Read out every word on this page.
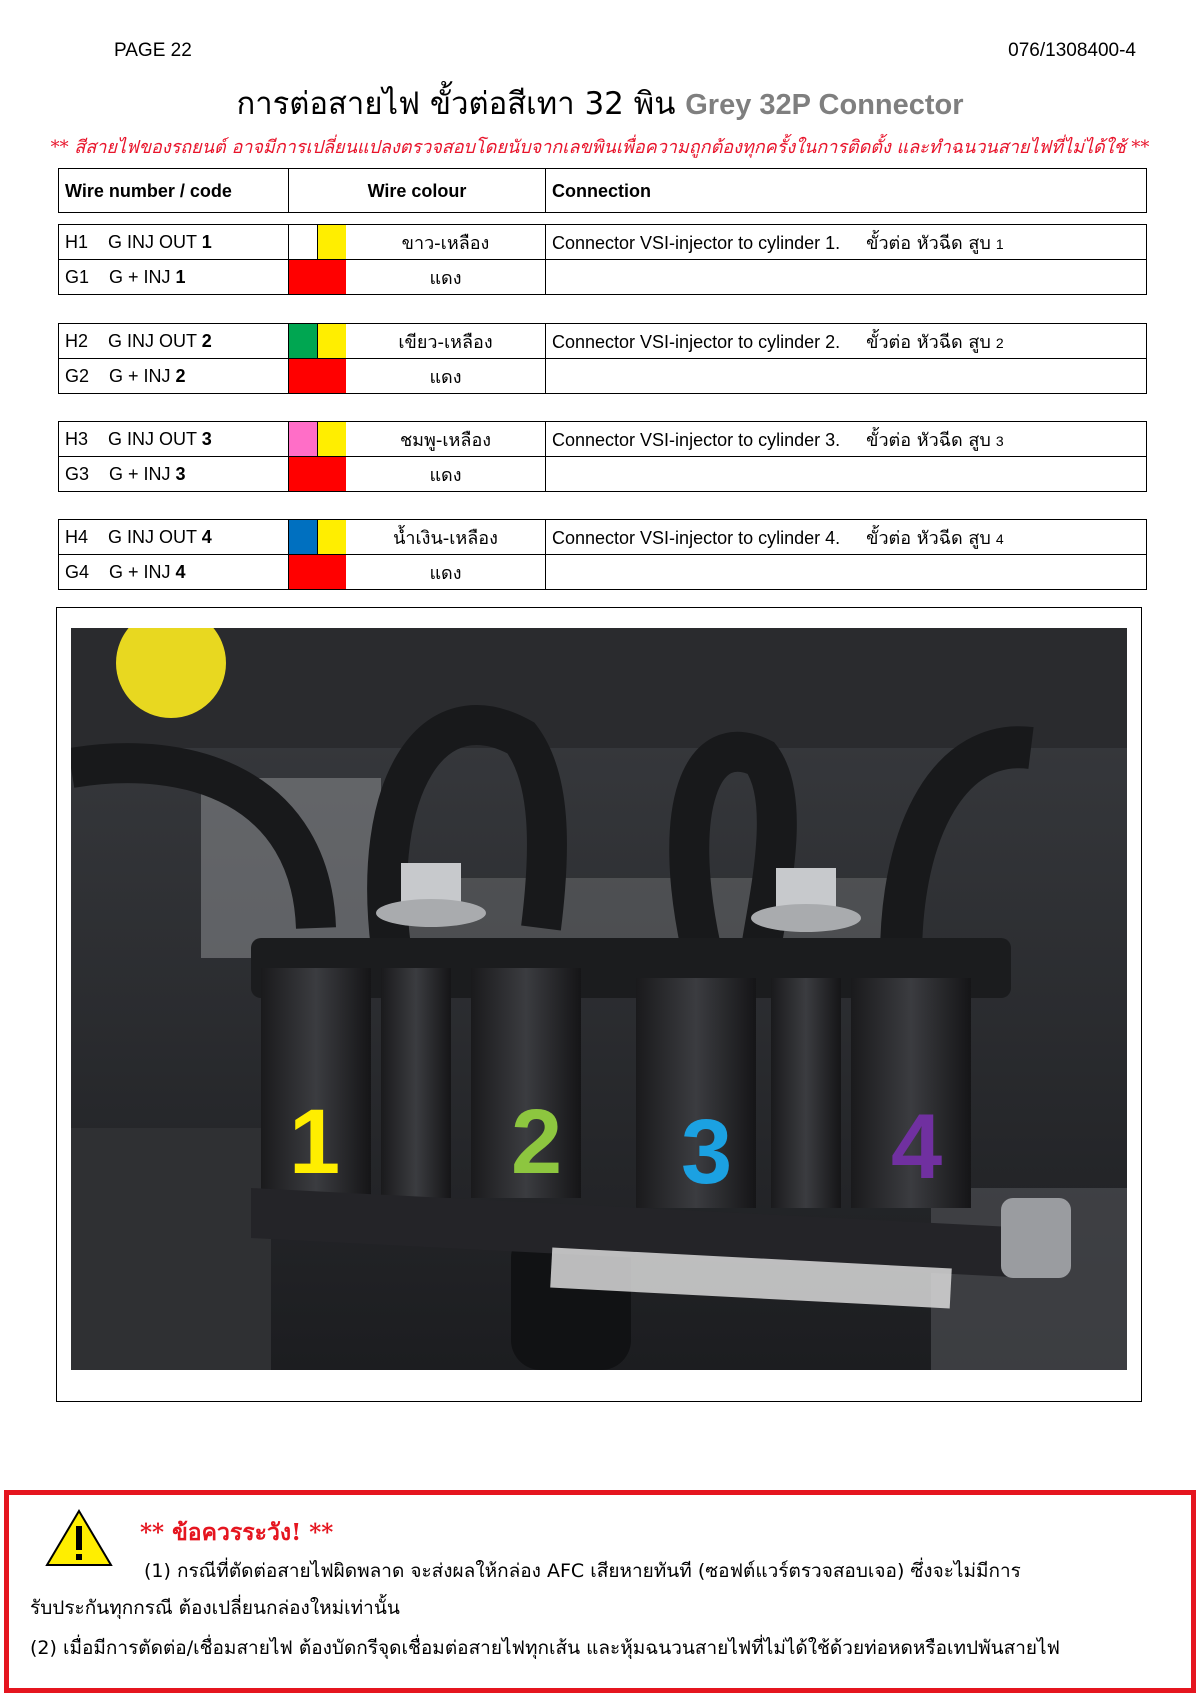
PAGE 22	076/1308400-4
การต่อสายไฟ ขั้วต่อสีเทา 32 พิน Grey 32P Connector
** สีสายไฟของรถยนต์ อาจมีการเปลี่ยนแปลงตรวจสอบโดยนับจากเลขพินเพื่อความถูกต้องทุกครั้งในการติดตั้ง และทำฉนวนสายไฟที่ไม่ได้ใช้ **
Wire number / code	Wire colour	Connection
H1 G INJ OUT 1	ขาว-เหลือง	Connector VSI-injector to cylinder 1. ขั้วต่อ หัวฉีด สูบ 1
G1 G + INJ 1	แดง	

H2 G INJ OUT 2	เขียว-เหลือง	Connector VSI-injector to cylinder 2. ขั้วต่อ หัวฉีด สูบ 2
G2 G + INJ 2	แดง	

H3 G INJ OUT 3	ชมพู-เหลือง	Connector VSI-injector to cylinder 3. ขั้วต่อ หัวฉีด สูบ 3
G3 G + INJ 3	แดง	

H4 G INJ OUT 4	น้ำเงิน-เหลือง	Connector VSI-injector to cylinder 4. ขั้วต่อ หัวฉีด สูบ 4
G4 G + INJ 4	แดง	

1 2 3 4
** ข้อควรระวัง! **
(1) กรณีที่ตัดต่อสายไฟผิดพลาด จะส่งผลให้กล่อง AFC เสียหายทันที (ซอฟต์แวร์ตรวจสอบเจอ) ซึ่งจะไม่มีการ
รับประกันทุกกรณี ต้องเปลี่ยนกล่องใหม่เท่านั้น
(2) เมื่อมีการตัดต่อ/เชื่อมสายไฟ ต้องบัดกรีจุดเชื่อมต่อสายไฟทุกเส้น และหุ้มฉนวนสายไฟที่ไม่ได้ใช้ด้วยท่อหดหรือเทปพันสายไฟ
